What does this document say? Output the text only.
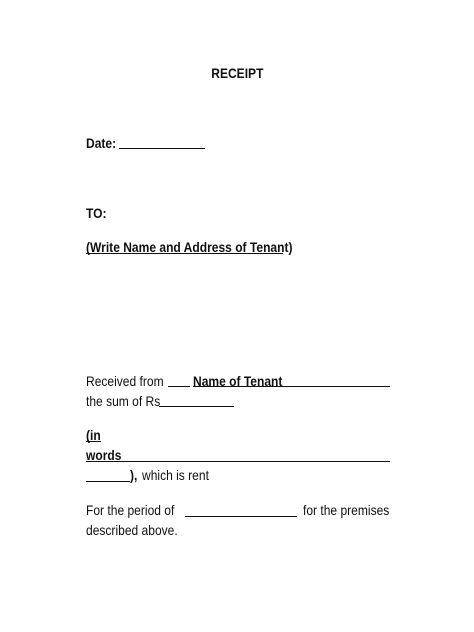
RECEIPT
Date:
TO:
(Write Name and Address of Tenant)
Received from Name of Tenant
the sum of Rs
(in
words
), which is rent
For the period of	for the premises
described above.
